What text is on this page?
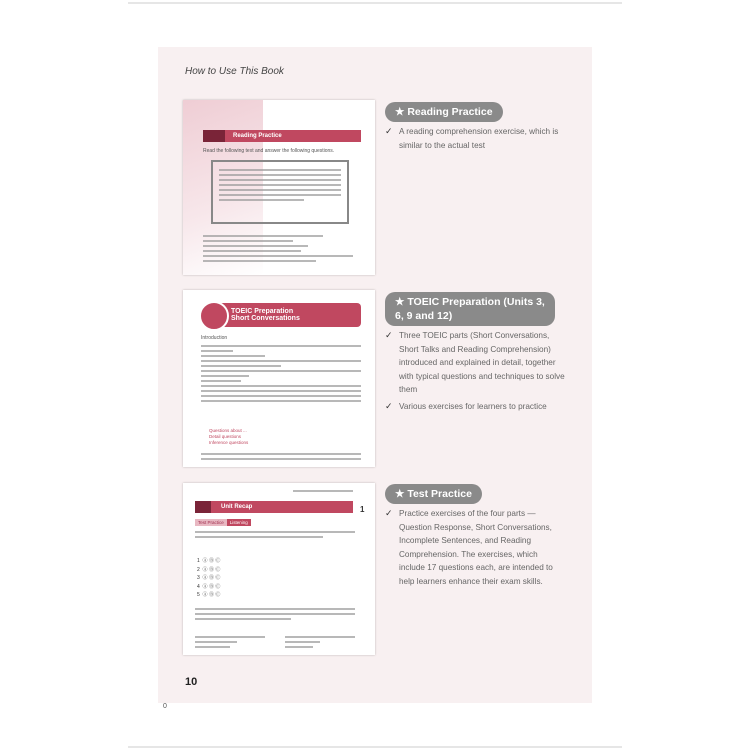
How to Use This Book
Reading Practice
Read the following text and answer the following questions.
★ Reading Practice
✓ A reading comprehension exercise, which is similar to the actual test
TOEIC Preparation
Short Conversations
Introduction
Questions about ...
Detail questions
Inference questions
★ TOEIC Preparation (Units 3, 6, 9 and 12)
✓ Three TOEIC parts (Short Conversations, Short Talks and Reading Comprehension) introduced and explained in detail, together with typical questions and techniques to solve them
✓ Various exercises for learners to practice
Unit Recap	1
Test Practice	Listening
1  Ⓐ Ⓑ Ⓒ
2  Ⓐ Ⓑ Ⓒ
3  Ⓐ Ⓑ Ⓒ
4  Ⓐ Ⓑ Ⓒ
5  Ⓐ Ⓑ Ⓒ
★ Test Practice
✓ Practice exercises of the four parts — Question Response, Short Conversations, Incomplete Sentences, and Reading Comprehension. The exercises, which include 17 questions each, are intended to help learners enhance their exam skills.
10
0
